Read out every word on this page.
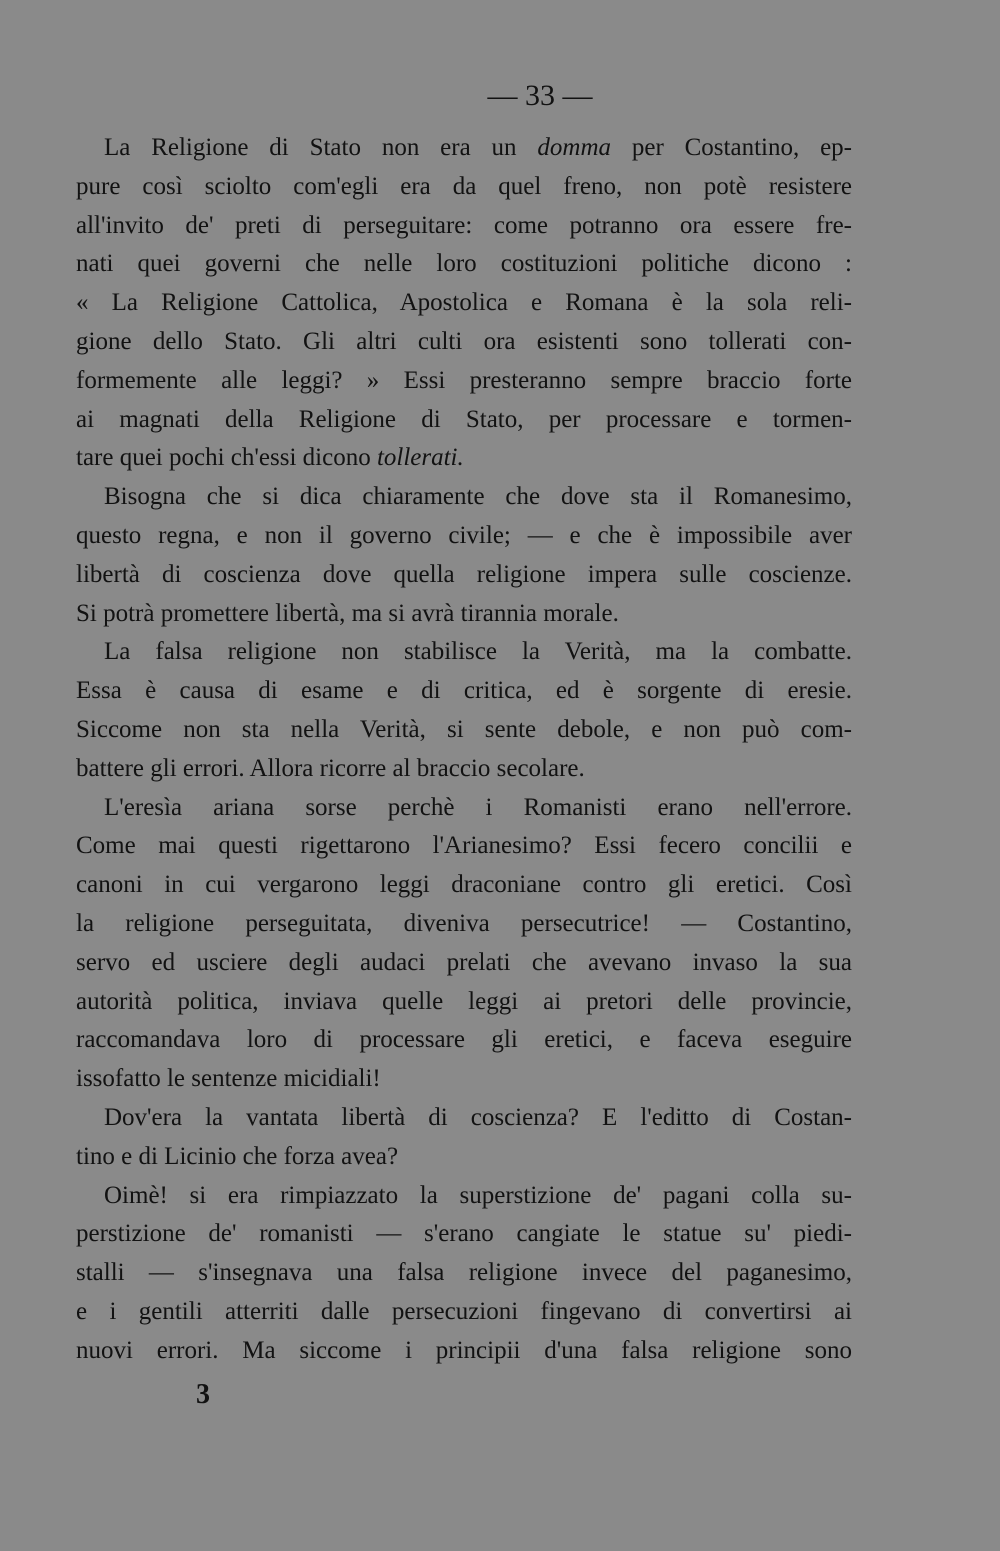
— 33 —
La Religione di Stato non era un domma per Costantino, ep-
pure così sciolto com'egli era da quel freno, non potè resistere
all'invito de' preti di perseguitare: come potranno ora essere fre-
nati quei governi che nelle loro costituzioni politiche dicono :
« La Religione Cattolica, Apostolica e Romana è la sola reli-
gione dello Stato. Gli altri culti ora esistenti sono tollerati con-
formemente alle leggi? » Essi presteranno sempre braccio forte
ai magnati della Religione di Stato, per processare e tormen-
tare quei pochi ch'essi dicono tollerati.
Bisogna che si dica chiaramente che dove sta il Romanesimo,
questo regna, e non il governo civile; — e che è impossibile aver
libertà di coscienza dove quella religione impera sulle coscienze.
Si potrà promettere libertà, ma si avrà tirannia morale.
La falsa religione non stabilisce la Verità, ma la combatte.
Essa è causa di esame e di critica, ed è sorgente di eresie.
Siccome non sta nella Verità, si sente debole, e non può com-
battere gli errori. Allora ricorre al braccio secolare.
L'eresìa ariana sorse perchè i Romanisti erano nell'errore.
Come mai questi rigettarono l'Arianesimo? Essi fecero concilii e
canoni in cui vergarono leggi draconiane contro gli eretici. Così
la religione perseguitata, diveniva persecutrice! — Costantino,
servo ed usciere degli audaci prelati che avevano invaso la sua
autorità politica, inviava quelle leggi ai pretori delle provincie,
raccomandava loro di processare gli eretici, e faceva eseguire
issofatto le sentenze micidiali!
Dov'era la vantata libertà di coscienza? E l'editto di Costan-
tino e di Licinio che forza avea?
Oimè! si era rimpiazzato la superstizione de' pagani colla su-
perstizione de' romanisti — s'erano cangiate le statue su' piedi-
stalli — s'insegnava una falsa religione invece del paganesimo,
e i gentili atterriti dalle persecuzioni fingevano di convertirsi ai
nuovi errori. Ma siccome i principii d'una falsa religione sono
3
